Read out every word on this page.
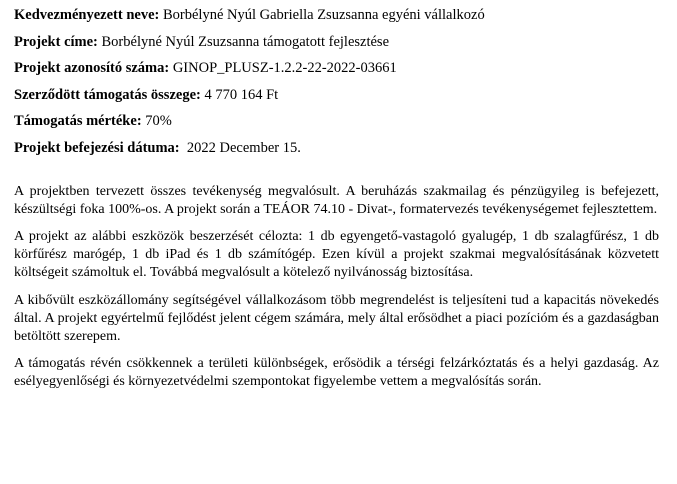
Kedvezményezett neve: Borbélyné Nyúl Gabriella Zsuzsanna egyéni vállalkozó
Projekt címe: Borbélyné Nyúl Zsuzsanna támogatott fejlesztése
Projekt azonosító száma: GINOP_PLUSZ-1.2.2-22-2022-03661
Szerződött támogatás összege: 4 770 164 Ft
Támogatás mértéke: 70%
Projekt befejezési dátuma:  2022 December 15.

A projektben tervezett összes tevékenység megvalósult. A beruházás szakmailag és pénzügyileg is befejezett, készültségi foka 100%-os. A projekt során a TEÁOR 74.10 - Divat-, formatervezés tevékenységemet fejlesztettem.

A projekt az alábbi eszközök beszerzését célozta: 1 db egyengető-vastagoló gyalugép, 1 db szalagfűrész, 1 db körfűrész marógép, 1 db iPad és 1 db számítógép. Ezen kívül a projekt szakmai megvalósításának közvetett költségeit számoltuk el. Továbbá megvalósult a kötelező nyilvánosság biztosítása.

A kibővült eszközállomány segítségével vállalkozásom több megrendelést is teljesíteni tud a kapacitás növekedés által. A projekt egyértelmű fejlődést jelent cégem számára, mely által erősödhet a piaci pozícióm és a gazdaságban betöltött szerepem.

A támogatás révén csökkennek a területi különbségek, erősödik a térségi felzárkóztatás és a helyi gazdaság. Az esélyegyenlőségi és környezetvédelmi szempontokat figyelembe vettem a megvalósítás során.
